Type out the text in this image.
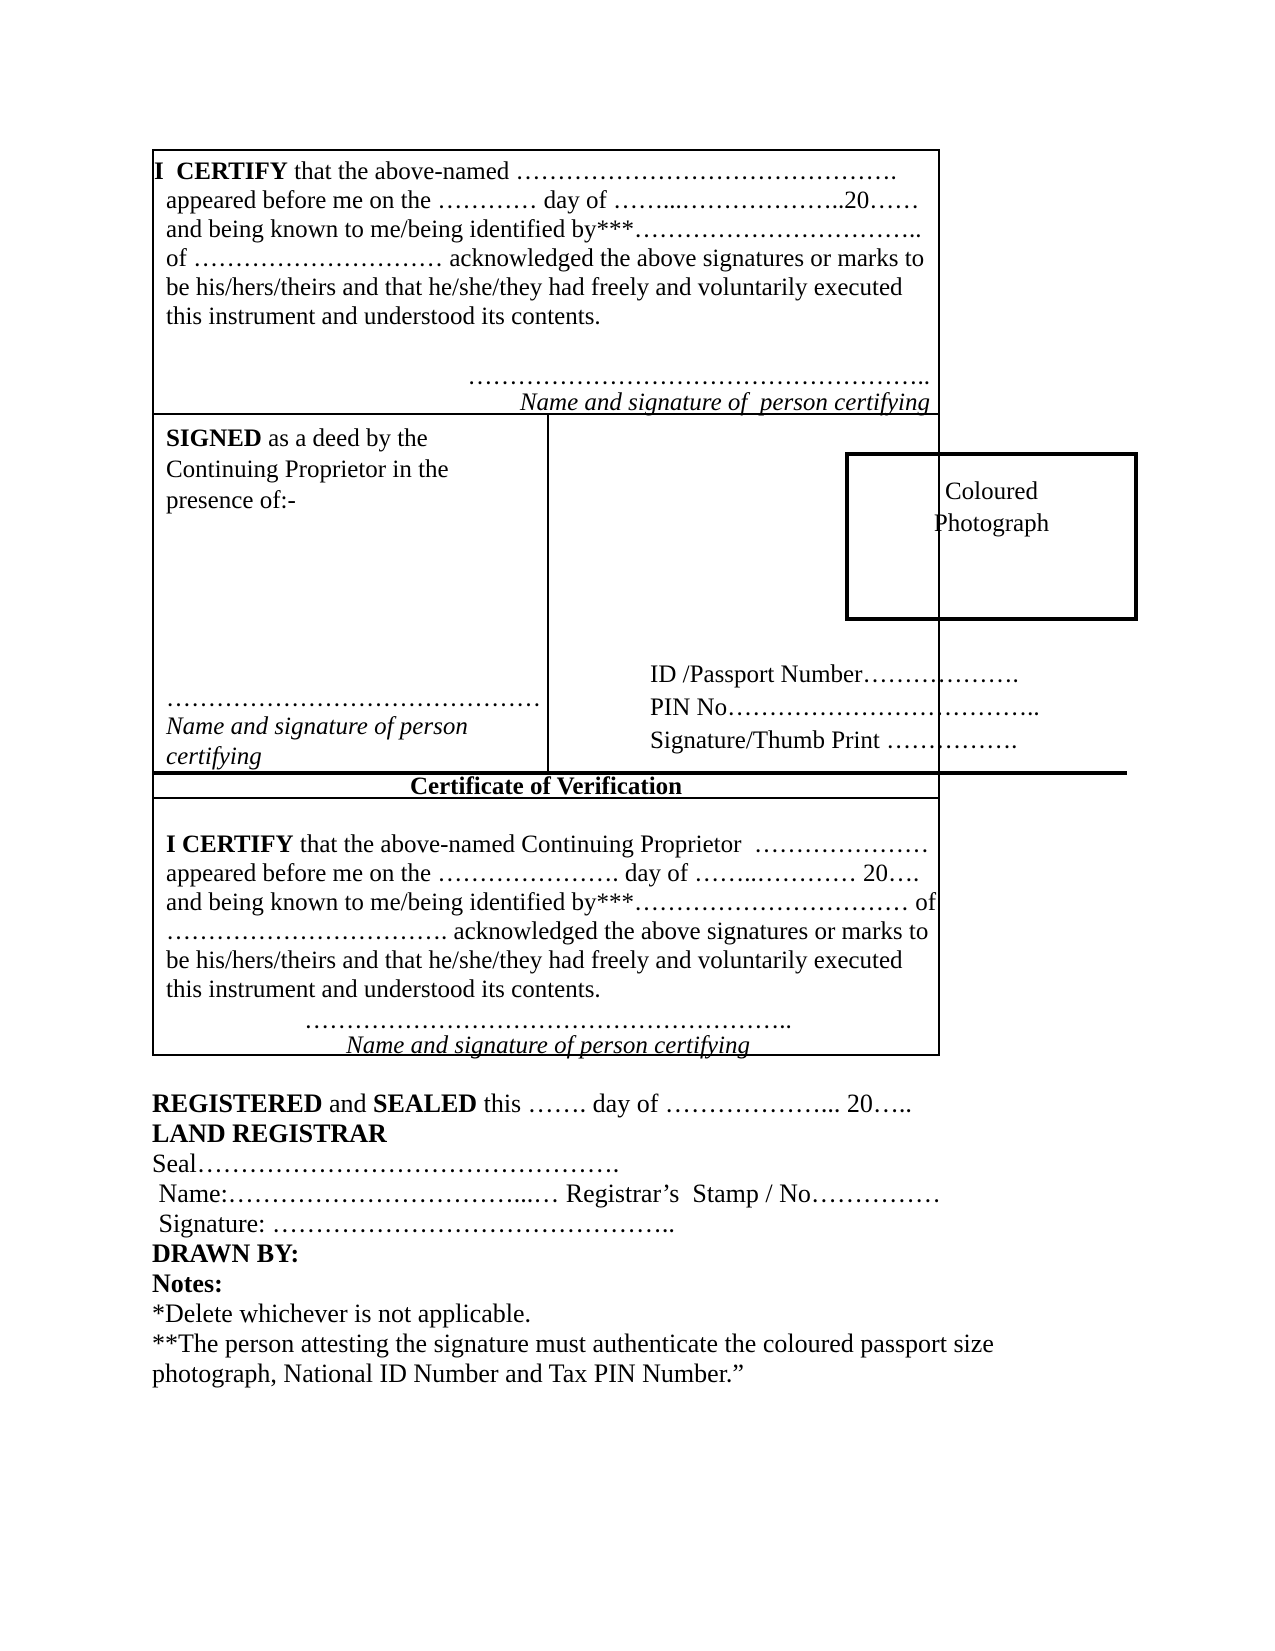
I  CERTIFY that the above-named ……………………………………….
appeared before me on the ………… day of ……...………………..20……
and being known to me/being identified by***……………………………..
of ………………………… acknowledged the above signatures or marks to
be his/hers/theirs and that he/she/they had freely and voluntarily executed
this instrument and understood its contents.
………………………………………………..
Name and signature of  person certifying
SIGNED as a deed by the
Continuing Proprietor in the
presence of:-
………………………………………
Name and signature of person
certifying
Coloured
Photograph
ID /Passport Number……………….
PIN No………………………………..
Signature/Thumb Print …………….
Certificate of Verification
I CERTIFY that the above-named Continuing Proprietor  …………………
appeared before me on the …………………. day of ……..………… 20….
and being known to me/being identified by***…………………………… of
……………………………. acknowledged the above signatures or marks to
be his/hers/theirs and that he/she/they had freely and voluntarily executed
this instrument and understood its contents.
…………………………………………………..
Name and signature of person certifying
REGISTERED and SEALED this ……. day of ………………... 20…..
LAND REGISTRAR
Seal………………………………………….
Name:……………………………...… Registrar’s  Stamp / No……………
Signature: ………………………………………..
DRAWN BY:
Notes:
*Delete whichever is not applicable.
**The person attesting the signature must authenticate the coloured passport size
photograph, National ID Number and Tax PIN Number.”
